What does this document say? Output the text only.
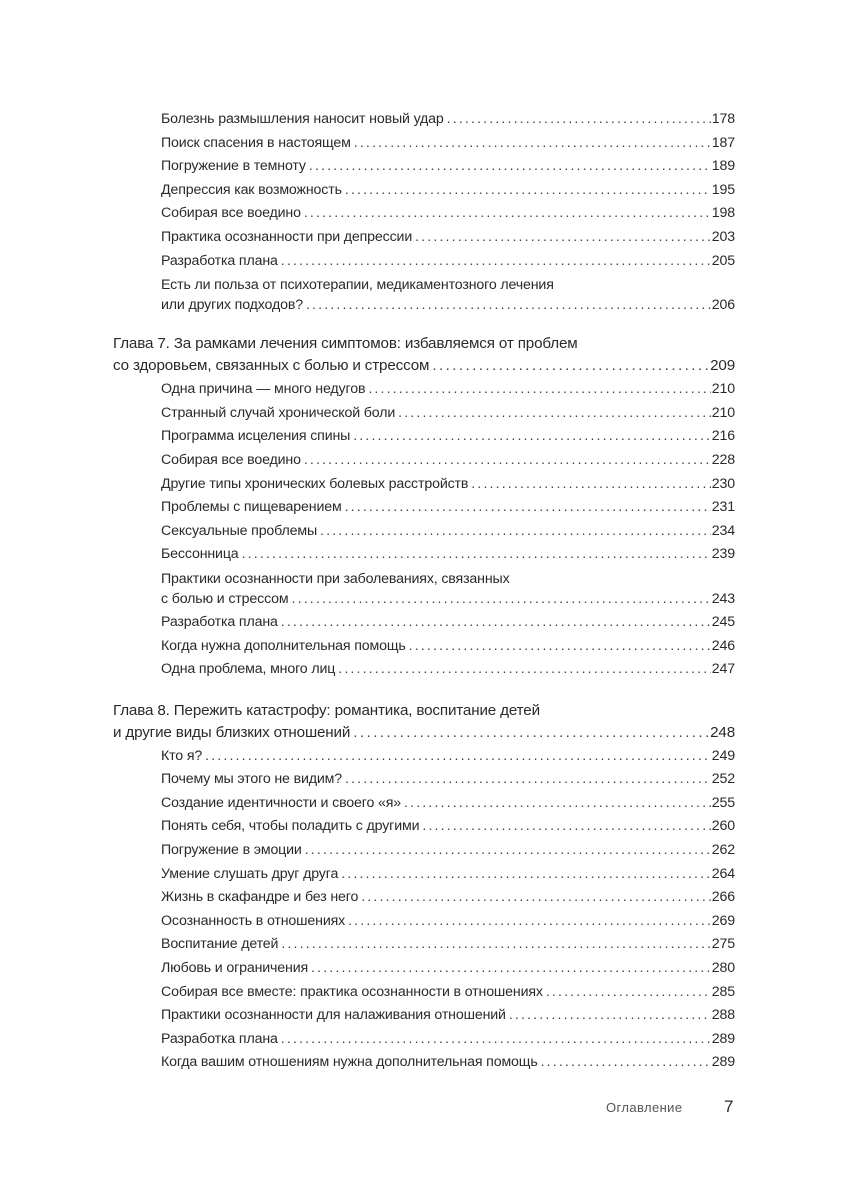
Болезнь размышления наносит новый удар . . .	178
Поиск спасения в настоящем . . .	187
Погружение в темноту . . .	189
Депрессия как возможность . . .	195
Собирая все воедино . . .	198
Практика осознанности при депрессии . . .	203
Разработка плана . . .	205
Есть ли польза от психотерапии, медикаментозного лечения
или других подходов? . . .	206
Глава 7. За рамками лечения симптомов: избавляемся от проблем
со здоровьем, связанных с болью и стрессом . . .	209
Одна причина — много недугов . . .	210
Странный случай хронической боли . . .	210
Программа исцеления спины . . .	216
Собирая все воедино . . .	228
Другие типы хронических болевых расстройств . . .	230
Проблемы с пищеварением . . .	231
Сексуальные проблемы . . .	234
Бессонница . . .	239
Практики осознанности при заболеваниях, связанных
с болью и стрессом . . .	243
Разработка плана . . .	245
Когда нужна дополнительная помощь . . .	246
Одна проблема, много лиц . . .	247
Глава 8. Пережить катастрофу: романтика, воспитание детей
и другие виды близких отношений . . .	248
Кто я? . . .	249
Почему мы этого не видим? . . .	252
Создание идентичности и своего «я» . . .	255
Понять себя, чтобы поладить с другими . . .	260
Погружение в эмоции . . .	262
Умение слушать друг друга . . .	264
Жизнь в скафандре и без него . . .	266
Осознанность в отношениях . . .	269
Воспитание детей . . .	275
Любовь и ограничения . . .	280
Собирая все вместе: практика осознанности в отношениях . . .	285
Практики осознанности для налаживания отношений . . .	288
Разработка плана . . .	289
Когда вашим отношениям нужна дополнительная помощь . . .	289
Оглавление 7
